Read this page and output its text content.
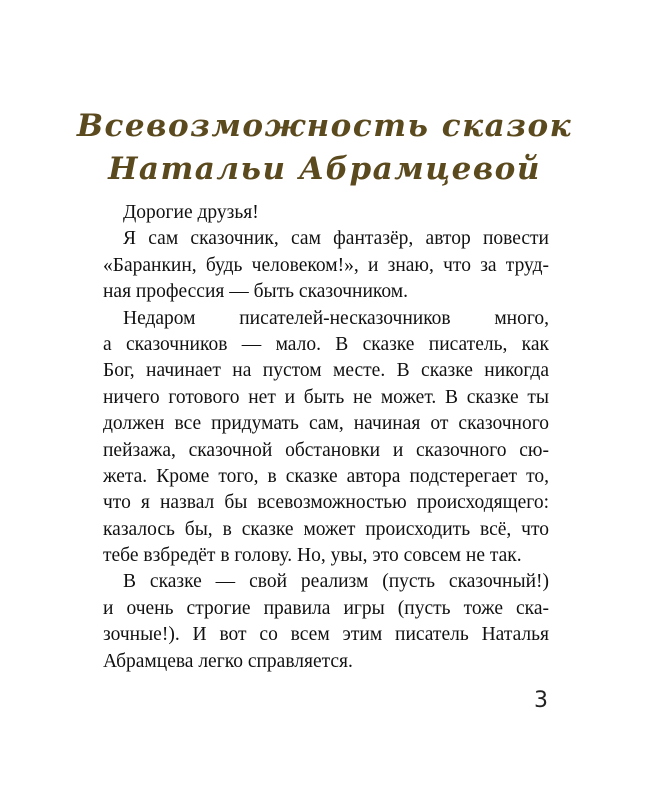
Всевозможность сказок
Натальи Абрамцевой
Дорогие друзья!
Я сам сказочник, сам фантазёр, автор повести
«Баранкин, будь человеком!», и знаю, что за труд-
ная профессия — быть сказочником.
Недаром писателей-несказочников много,
а сказочников — мало. В сказке писатель, как
Бог, начинает на пустом месте. В сказке никогда
ничего готового нет и быть не может. В сказке ты
должен все придумать сам, начиная от сказочного
пейзажа, сказочной обстановки и сказочного сю-
жета. Кроме того, в сказке автора подстерегает то,
что я назвал бы всевозможностью происходящего:
казалось бы, в сказке может происходить всё, что
тебе взбредёт в голову. Но, увы, это совсем не так.
В сказке — свой реализм (пусть сказочный!)
и очень строгие правила игры (пусть тоже ска-
зочные!). И вот со всем этим писатель Наталья
Абрамцева легко справляется.
3
